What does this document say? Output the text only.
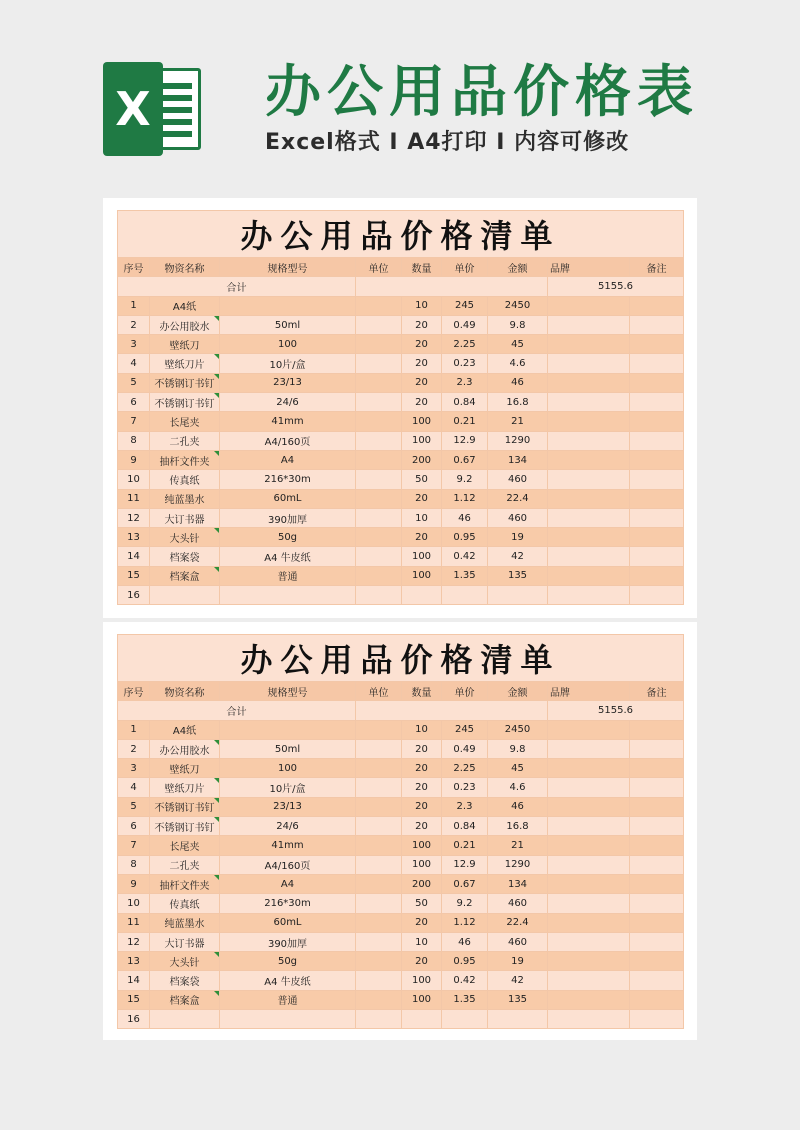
X 办公用品价格表
Excel格式 Ⅰ A4打印 Ⅰ 内容可修改
办公用品价格清单								
序号	物资名称	规格型号	单位	数量	单价	金额	品牌	备注
合计							5155.6	
1	A4纸			10	245	2450		
2	办公用胶水	50ml		20	0.49	9.8		
3	壁纸刀	100		20	2.25	45		
4	壁纸刀片	10片/盒		20	0.23	4.6		
5	不锈钢订书钉	23/13		20	2.3	46		
6	不锈钢订书钉	24/6		20	0.84	16.8		
7	长尾夹	41mm		100	0.21	21		
8	二孔夹	A4/160页		100	12.9	1290		
9	抽杆文件夹	A4		200	0.67	134		
10	传真纸	216*30m		50	9.2	460		
11	纯蓝墨水	60mL		20	1.12	22.4		
12	大订书器	390加厚		10	46	460		
13	大头针	50g		20	0.95	19		
14	档案袋	A4 牛皮纸		100	0.42	42		
15	档案盒	普通		100	1.35	135		
16								
办公用品价格清单								
序号	物资名称	规格型号	单位	数量	单价	金额	品牌	备注
合计							5155.6	
1	A4纸			10	245	2450		
2	办公用胶水	50ml		20	0.49	9.8		
3	壁纸刀	100		20	2.25	45		
4	壁纸刀片	10片/盒		20	0.23	4.6		
5	不锈钢订书钉	23/13		20	2.3	46		
6	不锈钢订书钉	24/6		20	0.84	16.8		
7	长尾夹	41mm		100	0.21	21		
8	二孔夹	A4/160页		100	12.9	1290		
9	抽杆文件夹	A4		200	0.67	134		
10	传真纸	216*30m		50	9.2	460		
11	纯蓝墨水	60mL		20	1.12	22.4		
12	大订书器	390加厚		10	46	460		
13	大头针	50g		20	0.95	19		
14	档案袋	A4 牛皮纸		100	0.42	42		
15	档案盒	普通		100	1.35	135		
16								
